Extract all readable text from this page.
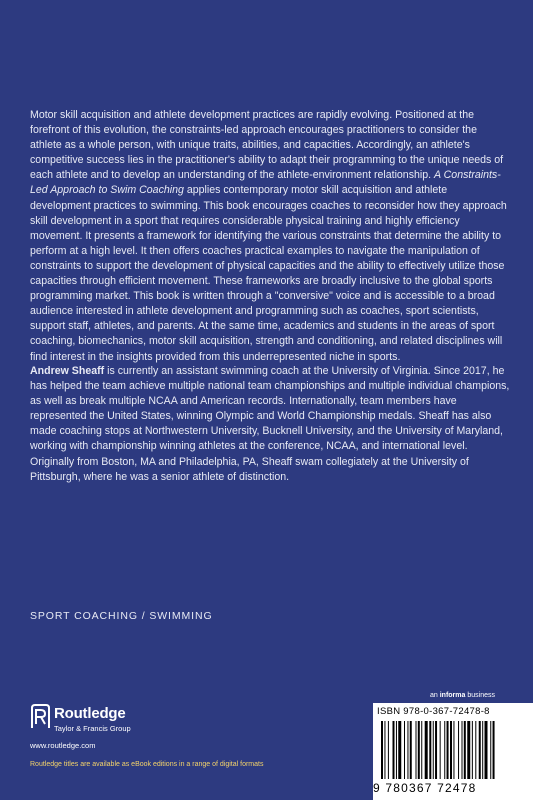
Motor skill acquisition and athlete development practices are rapidly evolving. Positioned at the forefront of this evolution, the constraints-led approach encourages practitioners to consider the athlete as a whole person, with unique traits, abilities, and capacities. Accordingly, an athlete's competitive success lies in the practitioner's ability to adapt their programming to the unique needs of each athlete and to develop an understanding of the athlete-environment relationship. A Constraints-Led Approach to Swim Coaching applies contemporary motor skill acquisition and athlete development practices to swimming. This book encourages coaches to reconsider how they approach skill development in a sport that requires considerable physical training and highly efficiency movement. It presents a framework for identifying the various constraints that determine the ability to perform at a high level. It then offers coaches practical examples to navigate the manipulation of constraints to support the development of physical capacities and the ability to effectively utilize those capacities through efficient movement. These frameworks are broadly inclusive to the global sports programming market. This book is written through a "conversive" voice and is accessible to a broad audience interested in athlete development and programming such as coaches, sport scientists, support staff, athletes, and parents. At the same time, academics and students in the areas of sport coaching, biomechanics, motor skill acquisition, strength and conditioning, and related disciplines will find interest in the insights provided from this underrepresented niche in sports.

Andrew Sheaff is currently an assistant swimming coach at the University of Virginia. Since 2017, he has helped the team achieve multiple national team championships and multiple individual champions, as well as break multiple NCAA and American records. Internationally, team members have represented the United States, winning Olympic and World Championship medals. Sheaff has also made coaching stops at Northwestern University, Bucknell University, and the University of Maryland, working with championship winning athletes at the conference, NCAA, and international level. Originally from Boston, MA and Philadelphia, PA, Sheaff swam collegiately at the University of Pittsburgh, where he was a senior athlete of distinction.

SPORT COACHING / SWIMMING
an informa business
Routledge
Taylor & Francis Group
www.routledge.com
Routledge titles are available as eBook editions in a range of digital formats
ISBN 978-0-367-72478-8
9 780367 72478
